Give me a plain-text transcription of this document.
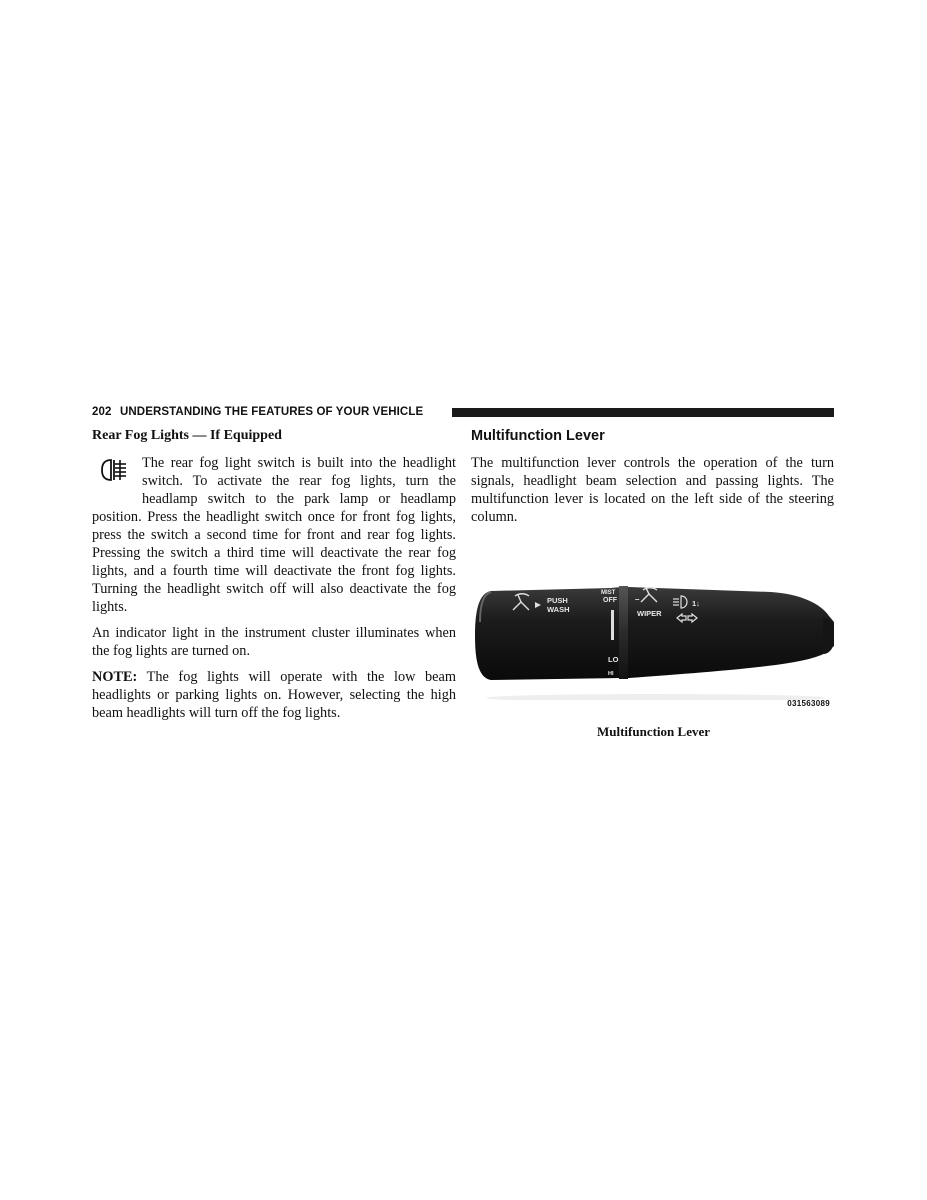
202 UNDERSTANDING THE FEATURES OF YOUR VEHICLE
Rear Fog Lights — If Equipped

The rear fog light switch is built into the headlight switch. To activate the rear fog lights, turn the headlamp switch to the park lamp or headlamp position. Press the headlight switch once for front fog lights, press the switch a second time for front and rear fog lights. Pressing the switch a third time will deactivate the rear fog lights, and a fourth time will deactivate the front fog lights. Turning the headlight switch off will also deactivate the fog lights.

An indicator light in the instrument cluster illuminates when the fog lights are turned on.

NOTE: The fog lights will operate with the low beam headlights or parking lights on. However, selecting the high beam headlights will turn off the fog lights.

Multifunction Lever

The multifunction lever controls the operation of the turn signals, headlight beam selection and passing lights. The multifunction lever is located on the left side of the steering column.

PUSH
WASH
MIST
OFF
LO
HI
–
WIPER
1↓
031563089
Multifunction Lever
